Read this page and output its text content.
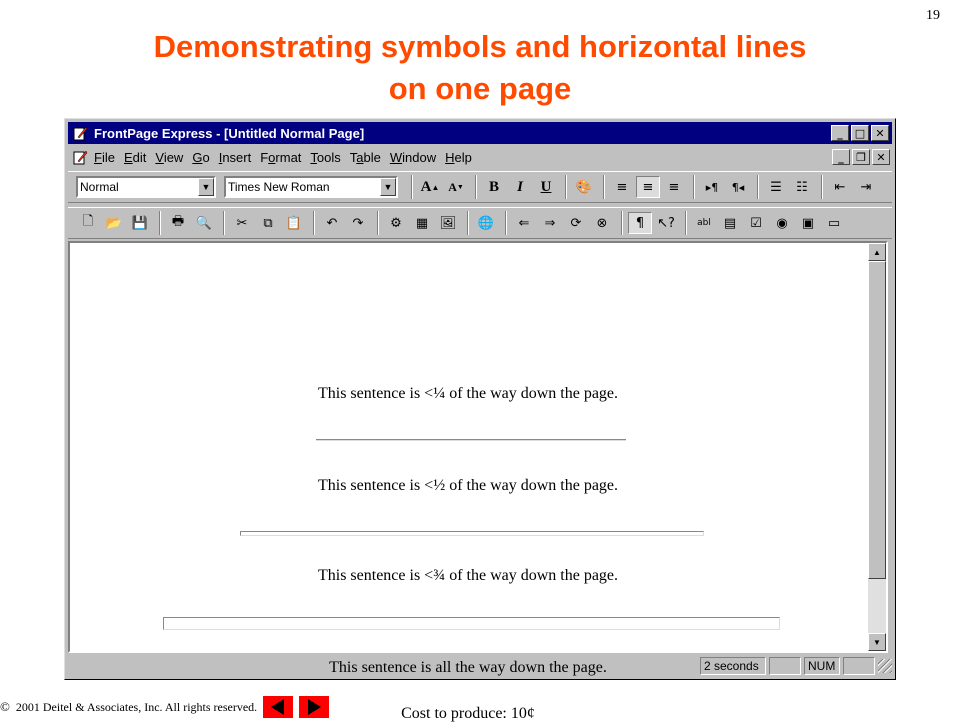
19
Demonstrating symbols and horizontal lines
on one page
FrontPage Express - [Untitled Normal Page]	_	□ ✕
File Edit View Go Insert Format Tools Table Window Help	_	❐ ✕
Normal	▼ Times New Roman	▼ A ▲ A ▼	B	I	U	🎨	≡	≡	≡	▸¶	¶◂	☰	☷	⇤	⇥
🗋 📂 💾	🖶 🔍	✂	⧉	📋	↶	↷	⚙	▦ 🖼	🌐	⇐	⇒	⟳	⊗	¶ ↖?	abl ▤	☑	◉	▣	▭
This sentence is <¼ of the way down the page.
This sentence is <½ of the way down the page.
This sentence is <¾ of the way down the page.
This sentence is all the way down the page.
Cost to produce: 10¢
▲
▼
2 seconds	NUM
© 2001 Deitel & Associates, Inc. All rights reserved.
